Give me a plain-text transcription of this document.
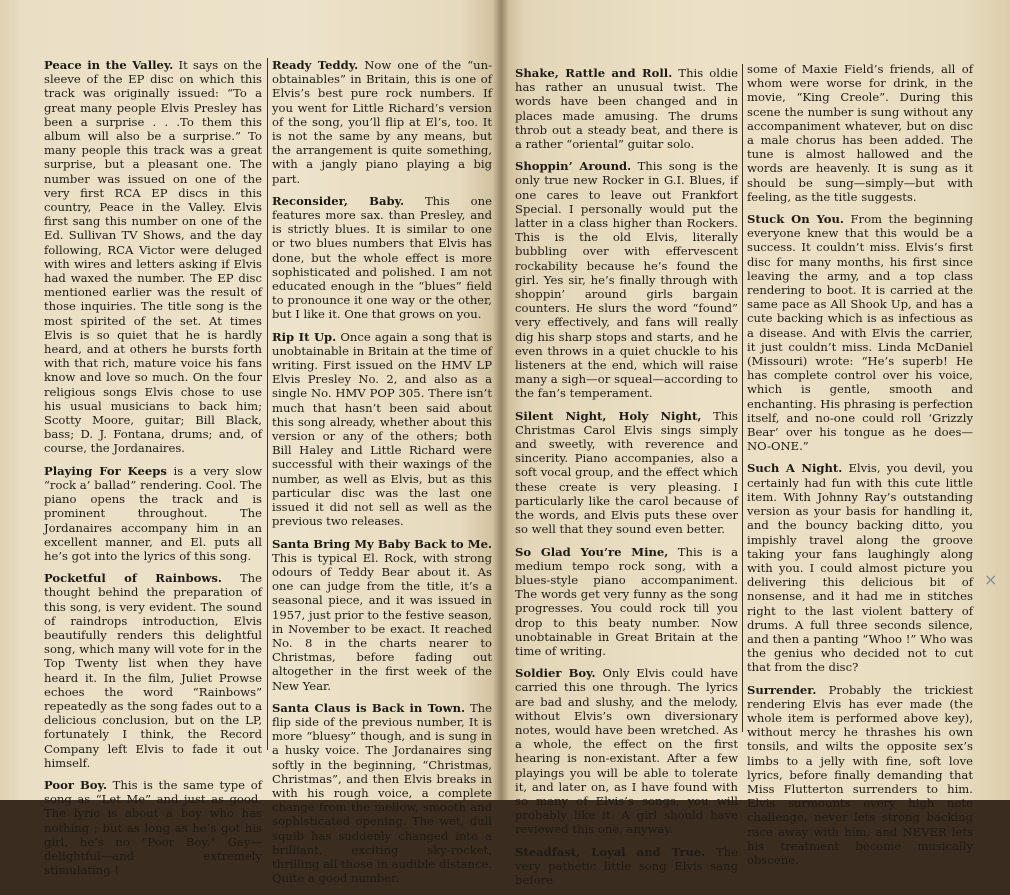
Peace in the Valley. It says on the sleeve of the EP disc on which this track was originally issued: “To a great many people Elvis Presley has been a surprise . . .To them this album will also be a surprise.” To many people this track was a great surprise, but a pleasant one. The number was issued on one of the very first RCA EP discs in this country, Peace in the Valley. Elvis first sang this number on one of the Ed. Sullivan TV Shows, and the day following, RCA Victor were deluged with wires and letters asking if Elvis had waxed the number. The EP disc mentioned earlier was the result of those inquiries. The title song is the most spirited of the set. At times Elvis is so quiet that he is hardly heard, and at others he bursts forth with that rich, mature voice his fans know and love so much. On the four religious songs Elvis chose to use his usual musicians to back him; Scotty Moore, guitar; Bill Black, bass; D. J. Fontana, drums; and, of course, the Jordanaires.

Playing For Keeps is a very slow “rock a’ ballad” rendering. Cool. The piano opens the track and is prominent throughout. The Jordanaires accompany him in an excellent manner, and El. puts all he’s got into the lyrics of this song.

Pocketful of Rainbows. The thought behind the preparation of this song, is very evident. The sound of raindrops introduction, Elvis beautifully renders this delightful song, which many will vote for in the Top Twenty list when they have heard it. In the film, Juliet Prowse echoes the word “Rainbows” repeatedly as the song fades out to a delicious conclusion, but on the LP, fortunately I think, the Record Company left Elvis to fade it out himself.

Poor Boy. This is the same type of song as “Let Me” and just as good. The lyric is about a boy who has nothing ; but as long as he’s got his girl, he’s no “Poor Boy.” Gay—delightful—and extremely stimulating !

Ready Teddy. Now one of the “un-obtainables” in Britain, this is one of Elvis’s best pure rock numbers. If you went for Little Richard’s version of the song, you’ll flip at El’s, too. It is not the same by any means, but the arrangement is quite something, with a jangly piano playing a big part.

Reconsider, Baby. This one features more sax. than Presley, and is strictly blues. It is similar to one or two blues numbers that Elvis has done, but the whole effect is more sophisticated and polished. I am not educated enough in the “blues” field to pronounce it one way or the other, but I like it. One that grows on you.

Rip It Up. Once again a song that is unobtainable in Britain at the time of writing. First issued on the HMV LP Elvis Presley No. 2, and also as a single No. HMV POP 305. There isn’t much that hasn’t been said about this song already, whether about this version or any of the others; both Bill Haley and Little Richard were successful with their waxings of the number, as well as Elvis, but as this particular disc was the last one issued it did not sell as well as the previous two releases.

Santa Bring My Baby Back to Me. This is typical El. Rock, with strong odours of Teddy Bear about it. As one can judge from the title, it’s a seasonal piece, and it was issued in 1957, just prior to the festive season, in November to be exact. It reached No. 8 in the charts nearer to Christmas, before fading out altogether in the first week of the New Year.

Santa Claus is Back in Town. The flip side of the previous number, It is more “bluesy” though, and is sung in a husky voice. The Jordanaires sing softly in the beginning, “Christmas, Christmas”, and then Elvis breaks in with his rough voice, a complete change from the mellow, smooth and sophisticated opening. The wet, dull squib has suddenly changed into a brilliant, exciting sky-rocket, thrilling all those in audible distance. Quite a good number.

Shake, Rattle and Roll. This oldie has rather an unusual twist. The words have been changed and in places made amusing. The drums throb out a steady beat, and there is a rather “oriental” guitar solo.

Shoppin’ Around. This song is the only true new Rocker in G.I. Blues, if one cares to leave out Frankfort Special. I personally would put the latter in a class higher than Rockers. This is the old Elvis, literally bubbling over with effervescent rockability because he’s found the girl. Yes sir, he’s finally through with shoppin’ around girls bargain counters. He slurs the word “found” very effectively, and fans will really dig his sharp stops and starts, and he even throws in a quiet chuckle to his listeners at the end, which will raise many a sigh—or squeal—according to the fan’s temperament.

Silent Night, Holy Night, This Christmas Carol Elvis sings simply and sweetly, with reverence and sincerity. Piano accompanies, also a soft vocal group, and the effect which these create is very pleasing. I particularly like the carol because of the words, and Elvis puts these over so well that they sound even better.

So Glad You’re Mine, This is a medium tempo rock song, with a blues-style piano accompaniment. The words get very funny as the song progresses. You could rock till you drop to this beaty number. Now unobtainable in Great Britain at the time of writing.

Soldier Boy. Only Elvis could have carried this one through. The lyrics are bad and slushy, and the melody, without Elvis’s own diversionary notes, would have been wretched. As a whole, the effect on the first hearing is non-existant. After a few playings you will be able to tolerate it, and later on, as I have found with so many of Elvis’s songs, you will probably like it. A girl should have reviewed this one, anyway.

Steadfast, Loyal and True. The very pathetic little song Elvis sang before

some of Maxie Field’s friends, all of whom were worse for drink, in the movie, “King Creole”. During this scene the number is sung without any accompaniment whatever, but on disc a male chorus has been added. The tune is almost hallowed and the words are heavenly. It is sung as it should be sung—simply—but with feeling, as the title suggests.

Stuck On You. From the beginning everyone knew that this would be a success. It couldn’t miss. Elvis’s first disc for many months, his first since leaving the army, and a top class rendering to boot. It is carried at the same pace as All Shook Up, and has a cute backing which is as infectious as a disease. And with Elvis the carrier, it just couldn’t miss. Linda McDaniel (Missouri) wrote: “He’s superb! He has complete control over his voice, which is gentle, smooth and enchanting. His phrasing is perfection itself, and no-one could roll ‘Grizzly Bear’ over his tongue as he does—NO-ONE.”

Such A Night. Elvis, you devil, you certainly had fun with this cute little item. With Johnny Ray’s outstanding version as your basis for handling it, and the bouncy backing ditto, you impishly travel along the groove taking your fans laughingly along with you. I could almost picture you delivering this delicious bit of nonsense, and it had me in stitches right to the last violent battery of drums. A full three seconds silence, and then a panting “Whoo !” Who was the genius who decided not to cut that from the disc?

Surrender. Probably the trickiest rendering Elvis has ever made (the whole item is performed above key), without mercy he thrashes his own tonsils, and wilts the opposite sex’s limbs to a jelly with fine, soft love lyrics, before finally demanding that Miss Flutterton surrenders to him. Elvis surmounts every high note challenge, never lets strong backing race away with him, and NEVER lets his treatment become musically obscene.

×
